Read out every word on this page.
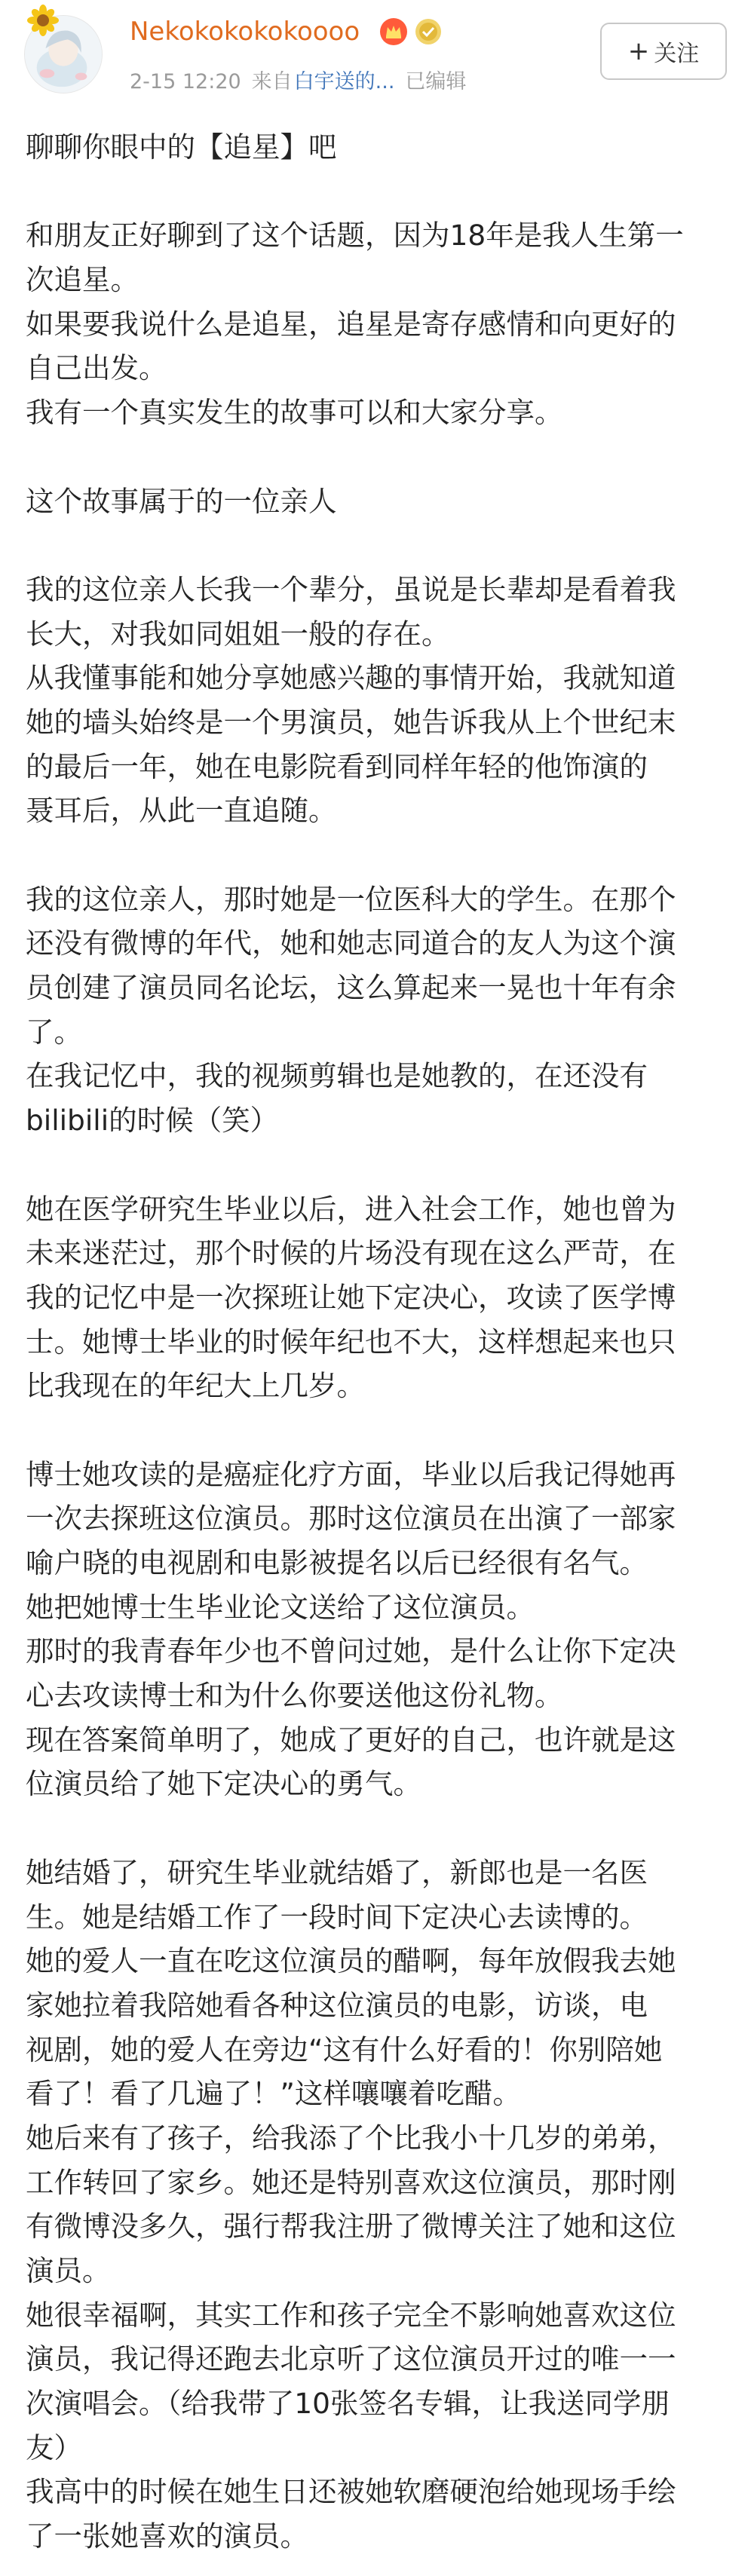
Nekokokokokoooo
2-15 12:20 来自白宇送的... 已编辑
+ 关注
聊聊你眼中的【追星】吧
和朋友正好聊到了这个话题，因为18年是我人生第一
次追星。
如果要我说什么是追星，追星是寄存感情和向更好的
自己出发。
我有一个真实发生的故事可以和大家分享。
这个故事属于的一位亲人
我的这位亲人长我一个辈分，虽说是长辈却是看着我
长大，对我如同姐姐一般的存在。
从我懂事能和她分享她感兴趣的事情开始，我就知道
她的墙头始终是一个男演员，她告诉我从上个世纪末
的最后一年，她在电影院看到同样年轻的他饰演的
聂耳后，从此一直追随。
我的这位亲人，那时她是一位医科大的学生。在那个
还没有微博的年代，她和她志同道合的友人为这个演
员创建了演员同名论坛，这么算起来一晃也十年有余
了。
在我记忆中，我的视频剪辑也是她教的，在还没有
bilibili的时候（笑）
她在医学研究生毕业以后，进入社会工作，她也曾为
未来迷茫过，那个时候的片场没有现在这么严苛，在
我的记忆中是一次探班让她下定决心，攻读了医学博
士。她博士毕业的时候年纪也不大，这样想起来也只
比我现在的年纪大上几岁。
博士她攻读的是癌症化疗方面，毕业以后我记得她再
一次去探班这位演员。那时这位演员在出演了一部家
喻户晓的电视剧和电影被提名以后已经很有名气。
她把她博士生毕业论文送给了这位演员。
那时的我青春年少也不曾问过她，是什么让你下定决
心去攻读博士和为什么你要送他这份礼物。
现在答案简单明了，她成了更好的自己，也许就是这
位演员给了她下定决心的勇气。
她结婚了，研究生毕业就结婚了，新郎也是一名医
生。她是结婚工作了一段时间下定决心去读博的。
她的爱人一直在吃这位演员的醋啊，每年放假我去她
家她拉着我陪她看各种这位演员的电影，访谈，电
视剧，她的爱人在旁边“这有什么好看的！你别陪她
看了！看了几遍了！”这样嚷嚷着吃醋。
她后来有了孩子，给我添了个比我小十几岁的弟弟，
工作转回了家乡。她还是特别喜欢这位演员，那时刚
有微博没多久，强行帮我注册了微博关注了她和这位
演员。
她很幸福啊，其实工作和孩子完全不影响她喜欢这位
演员，我记得还跑去北京听了这位演员开过的唯一一
次演唱会。（给我带了10张签名专辑，让我送同学朋
友）
我高中的时候在她生日还被她软磨硬泡给她现场手绘
了一张她喜欢的演员。
